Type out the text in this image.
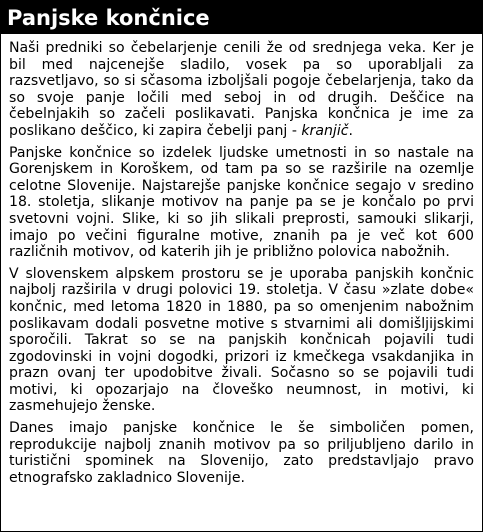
Panjske končnice

Naši predniki so čebelarjenje cenili že od srednjega veka. Ker je bil med najcenejše sladilo, vosek pa so uporabljali za razsvetljavo, so si sčasoma izboljšali pogoje čebelarjenja, tako da so svoje panje ločili med seboj in od drugih. Deščice na čebelnjakih so začeli poslikavati. Panjska končnica je ime za poslikano deščico, ki zapira čebelji panj - kranjič.

Panjske končnice so izdelek ljudske umetnosti in so nastale na Gorenjskem in Koroškem, od tam pa so se razširile na ozemlje celotne Slovenije. Najstarejše panjske končnice segajo v sredino 18. stoletja, slikanje motivov na panje pa se je končalo po prvi svetovni vojni. Slike, ki so jih slikali preprosti, samouki slikarji, imajo po večini figuralne motive, znanih pa je več kot 600 različnih motivov, od katerih jih je približno polovica nabožnih.

V slovenskem alpskem prostoru se je uporaba panjskih končnic najbolj razširila v drugi polovici 19. stoletja. V času »zlate dobe« končnic, med letoma 1820 in 1880, pa so omenjenim nabožnim poslikavam dodali posvetne motive s stvarnimi ali domišljijskimi sporočili. Takrat so se na panjskih končnicah pojavili tudi zgodovinski in vojni dogodki, prizori iz kmečkega vsakdanjika in prazn ovanj ter upodobitve živali. Sočasno so se pojavili tudi motivi, ki opozarjajo na človeško neumnost, in motivi, ki zasmehujejo ženske.

Danes imajo panjske končnice le še simboličen pomen, reprodukcije najbolj znanih motivov pa so priljubljeno darilo in turistični spominek na Slovenijo, zato predstavljajo pravo etnografsko zakladnico Slovenije.
